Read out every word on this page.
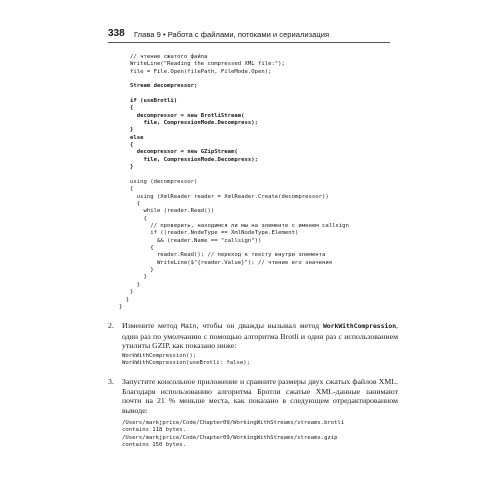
338 Глава 9 • Работа с файлами, потоками и сериализация
// чтение сжатого файла
WriteLine("Reading the compressed XML file:");
file = File.Open(filePath, FileMode.Open);
Stream decompressor;
if (useBrotli)
{
decompressor = new BrotliStream(
file, CompressionMode.Decompress);
}
else
{
decompressor = new GZipStream(
file, CompressionMode.Decompress);
}
using (decompressor)
{
using (XmlReader reader = XmlReader.Create(decompressor))
{
while (reader.Read())
{
// проверить, находимся ли мы на элементе с именем callsign
if ((reader.NodeType == XmlNodeType.Element)
&& (reader.Name == "callsign"))
{
reader.Read(); // переход к тексту внутри элемента
WriteLine($"{reader.Value}"); // чтение его значения
}
}
}
}
}
}
2. Измените метод Main, чтобы он дважды вызывал метод WorkWithCompression, один раз по умолчанию с помощью алгоритма Brotli и один раз с использованием утилиты GZIP, как показано ниже:
WorkWithCompression();
WorkWithCompression(useBrotli: false);
3. Запустите консольное приложение и сравните размеры двух сжатых файлов XML. Благодаря использованию алгоритма Бротли сжатые XML-данные занимают почти на 21 % меньше места, как показано в следующем отредактированном выводе:
/Users/markjprice/Code/Chapter09/WorkingWithStreams/streams.brotli
contains 118 bytes.
/Users/markjprice/Code/Chapter09/WorkingWithStreams/streams.gzip
contains 150 bytes.
